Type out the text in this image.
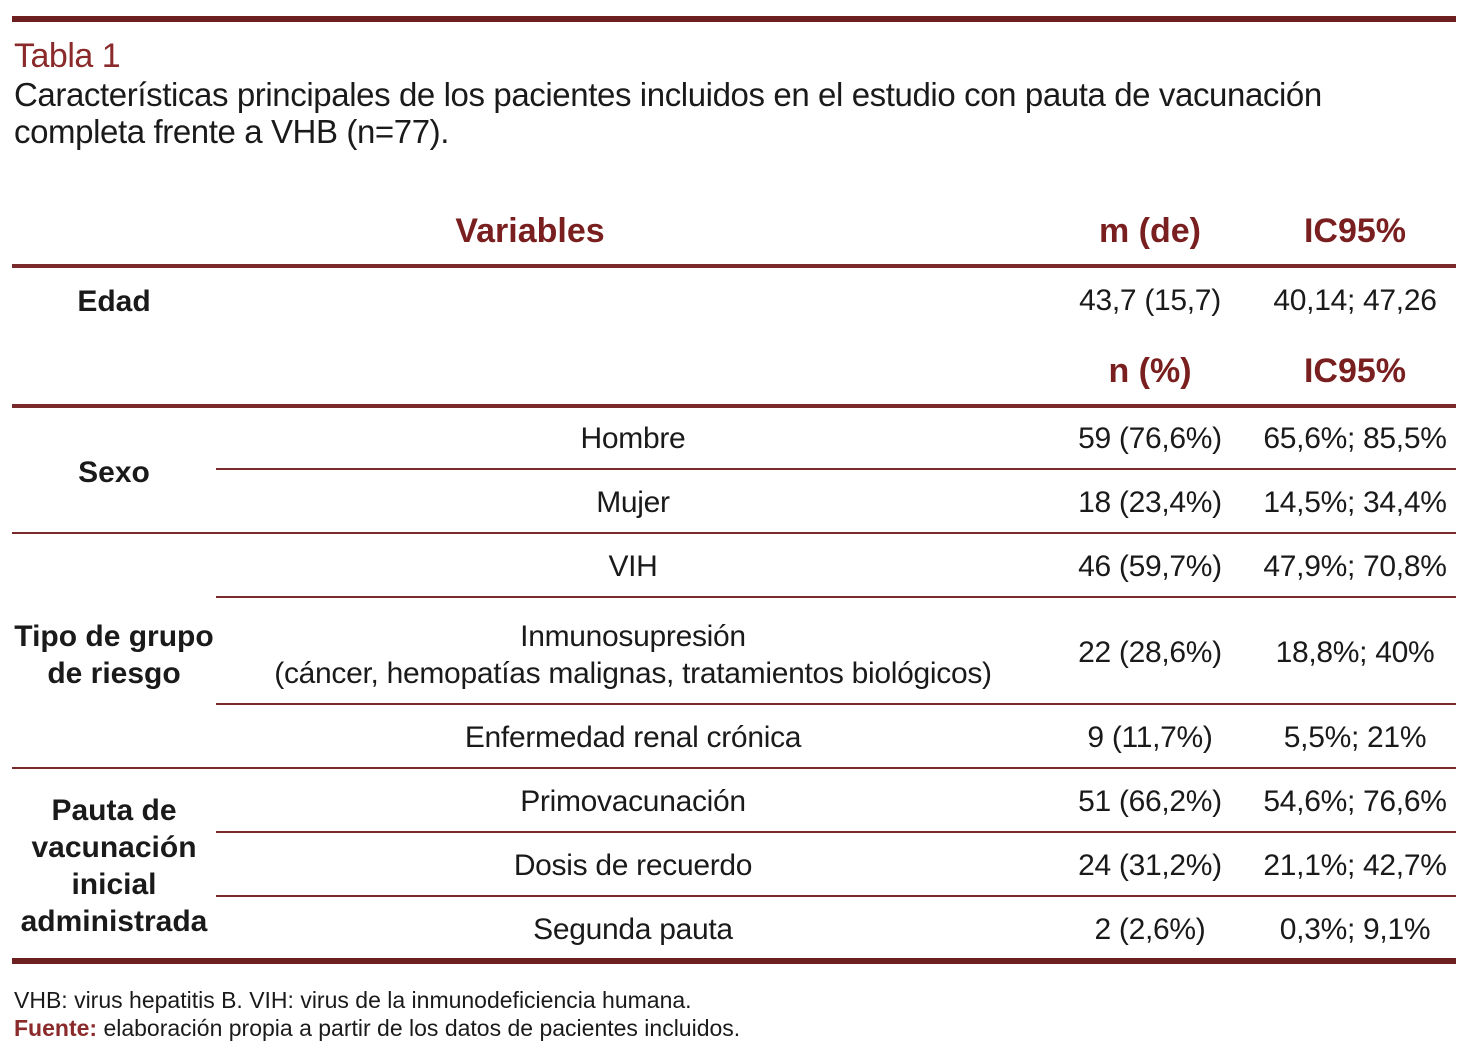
Tabla 1
Características principales de los pacientes incluidos en el estudio con pauta de vacunación completa frente a VHB (n=77).
Variables	m (de)	IC95%
Edad	43,7 (15,7)	40,14; 47,26
n (%)	IC95%
Sexo
Hombre	59 (76,6%)	65,6%; 85,5%
Mujer	18 (23,4%)	14,5%; 34,4%
Tipo de grupo
de riesgo
VIH	46 (59,7%)	47,9%; 70,8%
Inmunosupresión
(cáncer, hemopatías malignas, tratamientos biológicos)
22 (28,6%)	18,8%; 40%
Enfermedad renal crónica	9 (11,7%)	5,5%; 21%
Pauta de
vacunación
inicial
administrada
Primovacunación	51 (66,2%)	54,6%; 76,6%
Dosis de recuerdo	24 (31,2%)	21,1%; 42,7%
Segunda pauta	2 (2,6%)	0,3%; 9,1%
VHB: virus hepatitis B. VIH: virus de la inmunodeficiencia humana.
Fuente: elaboración propia a partir de los datos de pacientes incluidos.
